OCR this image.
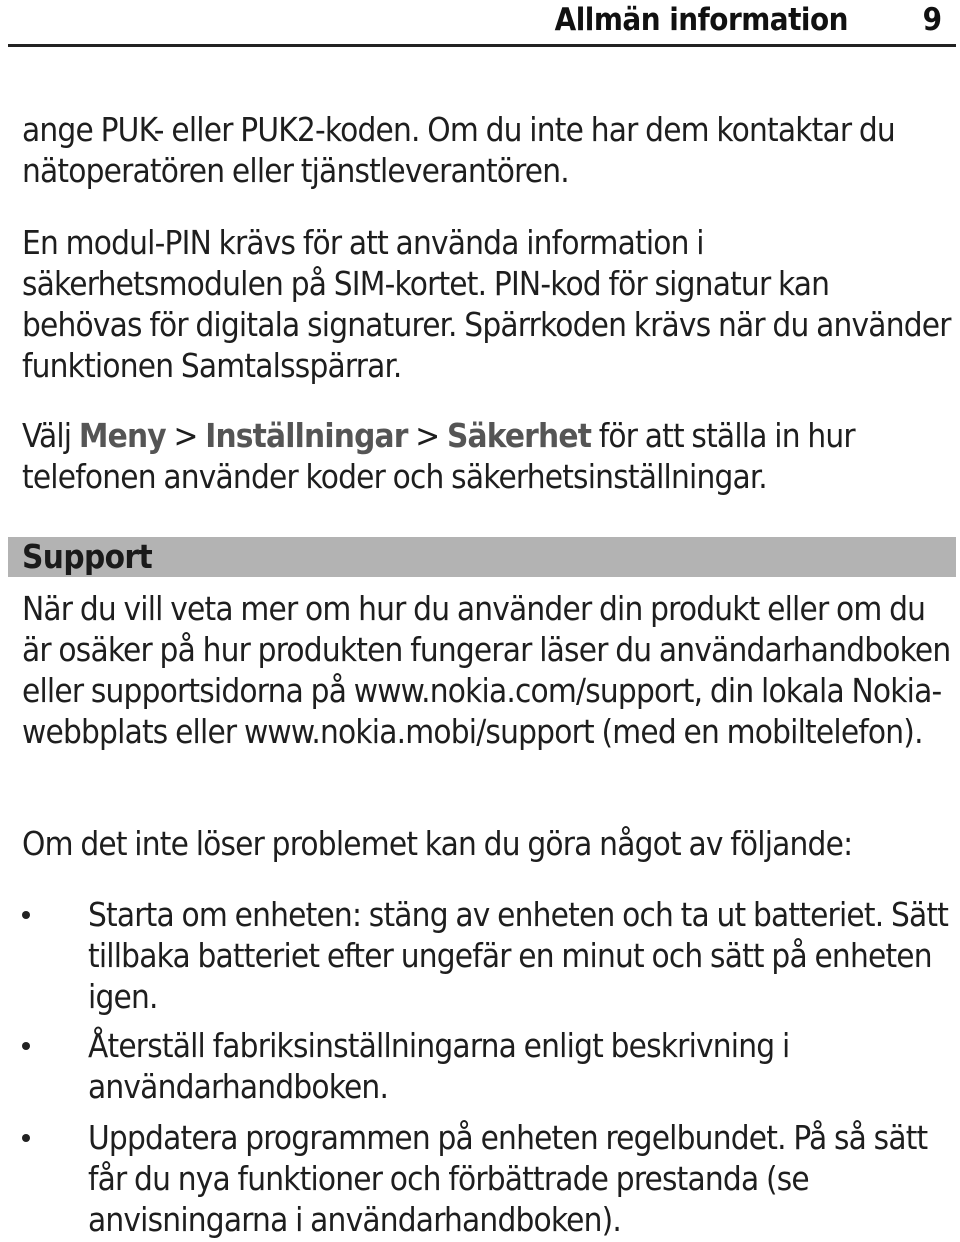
Allmän information 9

ange PUK- eller PUK2-koden. Om du inte har dem kontaktar du nätoperatören eller tjänstleverantören.

En modul-PIN krävs för att använda information i säkerhetsmodulen på SIM-kortet. PIN-kod för signatur kan behövas för digitala signaturer. Spärrkoden krävs när du använder funktionen Samtalsspärrar.

Välj Meny > Inställningar > Säkerhet för att ställa in hur telefonen använder koder och säkerhetsinställningar.

Support

När du vill veta mer om hur du använder din produkt eller om du är osäker på hur produkten fungerar läser du användarhandboken eller supportsidorna på www.nokia.com/support, din lokala Nokia-webbplats eller www.nokia.mobi/support (med en mobiltelefon).

Om det inte löser problemet kan du göra något av följande:

Starta om enheten: stäng av enheten och ta ut batteriet. Sätt tillbaka batteriet efter ungefär en minut och sätt på enheten igen.

Återställ fabriksinställningarna enligt beskrivning i användarhandboken.

Uppdatera programmen på enheten regelbundet. På så sätt får du nya funktioner och förbättrade prestanda (se anvisningarna i användarhandboken).
